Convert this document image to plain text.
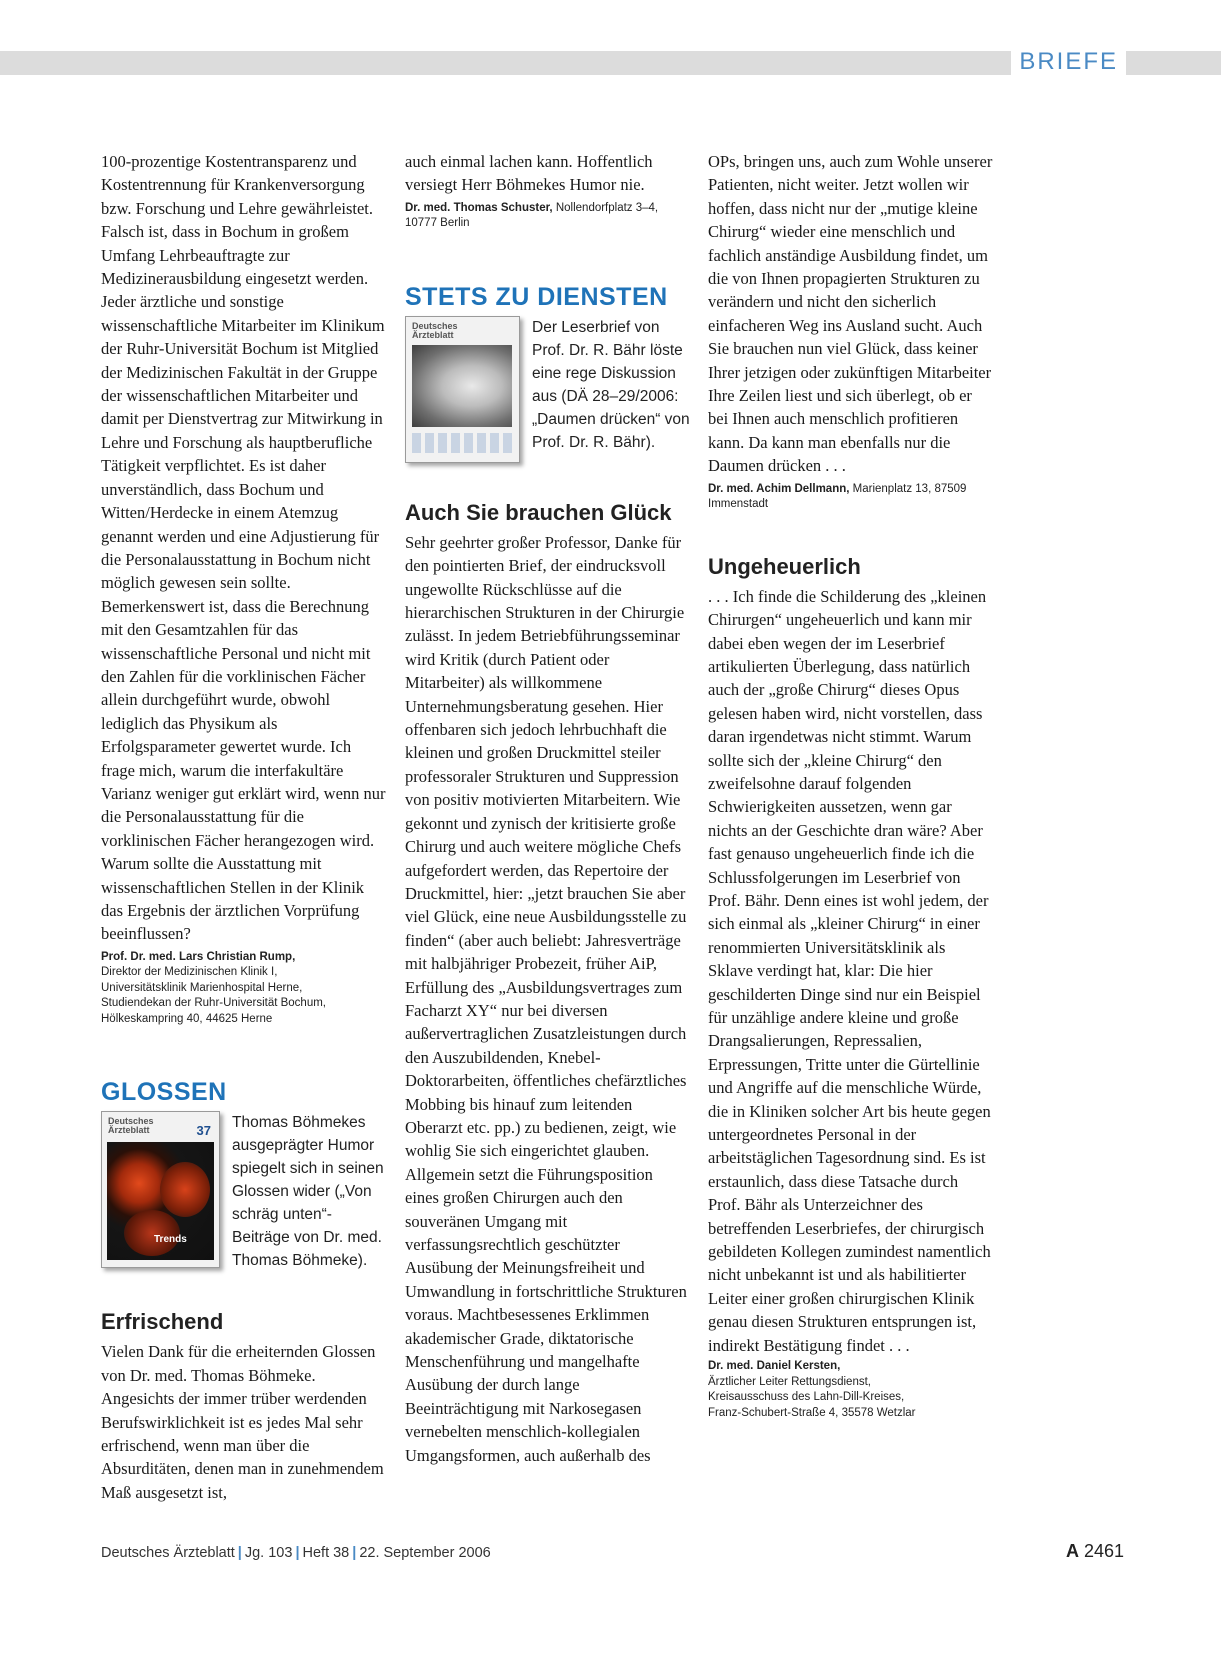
BRIEFE

100-prozentige Kostentransparenz und Kostentrennung für Krankenversorgung bzw. Forschung und Lehre gewährleistet. Falsch ist, dass in Bochum in großem Umfang Lehrbeauftragte zur Medizinerausbildung eingesetzt werden. Jeder ärztliche und sonstige wissenschaftliche Mitarbeiter im Klinikum der Ruhr-Universität Bochum ist Mitglied der Medizinischen Fakultät in der Gruppe der wissenschaftlichen Mitarbeiter und damit per Dienstvertrag zur Mitwirkung in Lehre und Forschung als hauptberufliche Tätigkeit verpflichtet. Es ist daher unverständlich, dass Bochum und Witten/Herdecke in einem Atemzug genannt werden und eine Adjustierung für die Personalausstattung in Bochum nicht möglich gewesen sein sollte. Bemerkenswert ist, dass die Berechnung mit den Gesamtzahlen für das wissenschaftliche Personal und nicht mit den Zahlen für die vorklinischen Fächer allein durchgeführt wurde, obwohl lediglich das Physikum als Erfolgsparameter gewertet wurde. Ich frage mich, warum die interfakultäre Varianz weniger gut erklärt wird, wenn nur die Personalausstattung für die vorklinischen Fächer herangezogen wird. Warum sollte die Ausstattung mit wissenschaftlichen Stellen in der Klinik das Ergebnis der ärztlichen Vorprüfung beeinflussen?

Prof. Dr. med. Lars Christian Rump,
Direktor der Medizinischen Klinik I,
Universitätsklinik Marienhospital Herne,
Studiendekan der Ruhr-Universität Bochum,
Hölkeskampring 40, 44625 Herne
GLOSSEN
Deutsches
Ärzteblatt	37
Trends
Thomas Böhmekes ausgeprägter Humor spiegelt sich in seinen Glossen wider („Von schräg unten“-Beiträge von Dr. med. Thomas Böhmeke).
Erfrischend

Vielen Dank für die erheiternden Glossen von Dr. med. Thomas Böhmeke. Angesichts der immer trüber werdenden Berufswirklichkeit ist es jedes Mal sehr erfrischend, wenn man über die Absurditäten, denen man in zunehmendem Maß ausgesetzt ist,

auch einmal lachen kann. Hoffentlich versiegt Herr Böhmekes Humor nie.

Dr. med. Thomas Schuster, Nollendorfplatz 3–4, 10777 Berlin
STETS ZU DIENSTEN
Deutsches
Ärzteblatt	Der Leserbrief von Prof. Dr. R. Bähr löste eine rege Diskussion aus (DÄ 28–29/2006: „Daumen drücken“ von Prof. Dr. R. Bähr).
Auch Sie brauchen Glück

Sehr geehrter großer Professor, Danke für den pointierten Brief, der eindrucksvoll ungewollte Rückschlüsse auf die hierarchischen Strukturen in der Chirurgie zulässt. In jedem Betriebführungsseminar wird Kritik (durch Patient oder Mitarbeiter) als willkommene Unternehmungsberatung gesehen. Hier offenbaren sich jedoch lehrbuchhaft die kleinen und großen Druckmittel steiler professoraler Strukturen und Suppression von positiv motivierten Mitarbeitern. Wie gekonnt und zynisch der kritisierte große Chirurg und auch weitere mögliche Chefs aufgefordert werden, das Repertoire der Druckmittel, hier: „jetzt brauchen Sie aber viel Glück, eine neue Ausbildungsstelle zu finden“ (aber auch beliebt: Jahresverträge mit halbjähriger Probezeit, früher AiP, Erfüllung des „Ausbildungsvertrages zum Facharzt XY“ nur bei diversen außervertraglichen Zusatzleistungen durch den Auszubildenden, Knebel-Doktorarbeiten, öffentliches chefärztliches Mobbing bis hinauf zum leitenden Oberarzt etc. pp.) zu bedienen, zeigt, wie wohlig Sie sich eingerichtet glauben. Allgemein setzt die Führungsposition eines großen Chirurgen auch den souveränen Umgang mit verfassungsrechtlich geschützter Ausübung der Meinungsfreiheit und Umwandlung in fortschrittliche Strukturen voraus. Machtbesessenes Erklimmen akademischer Grade, diktatorische Menschenführung und mangelhafte Ausübung der durch lange Beeinträchtigung mit Narkosegasen vernebelten menschlich-kollegialen Umgangsformen, auch außerhalb des

OPs, bringen uns, auch zum Wohle unserer Patienten, nicht weiter. Jetzt wollen wir hoffen, dass nicht nur der „mutige kleine Chirurg“ wieder eine menschlich und fachlich anständige Ausbildung findet, um die von Ihnen propagierten Strukturen zu verändern und nicht den sicherlich einfacheren Weg ins Ausland sucht. Auch Sie brauchen nun viel Glück, dass keiner Ihrer jetzigen oder zukünftigen Mitarbeiter Ihre Zeilen liest und sich überlegt, ob er bei Ihnen auch menschlich profitieren kann. Da kann man ebenfalls nur die Daumen drücken . . .

Dr. med. Achim Dellmann, Marienplatz 13, 87509 Immenstadt
Ungeheuerlich

. . . Ich finde die Schilderung des „kleinen Chirurgen“ ungeheuerlich und kann mir dabei eben wegen der im Leserbrief artikulierten Überlegung, dass natürlich auch der „große Chirurg“ dieses Opus gelesen haben wird, nicht vorstellen, dass daran irgendetwas nicht stimmt. Warum sollte sich der „kleine Chirurg“ den zweifelsohne darauf folgenden Schwierigkeiten aussetzen, wenn gar nichts an der Geschichte dran wäre? Aber fast genauso ungeheuerlich finde ich die Schlussfolgerungen im Leserbrief von Prof. Bähr. Denn eines ist wohl jedem, der sich einmal als „kleiner Chirurg“ in einer renommierten Universitätsklinik als Sklave verdingt hat, klar: Die hier geschilderten Dinge sind nur ein Beispiel für unzählige andere kleine und große Drangsalierungen, Repressalien, Erpressungen, Tritte unter die Gürtellinie und Angriffe auf die menschliche Würde, die in Kliniken solcher Art bis heute gegen untergeordnetes Personal in der arbeitstäglichen Tagesordnung sind. Es ist erstaunlich, dass diese Tatsache durch Prof. Bähr als Unterzeichner des betreffenden Leserbriefes, der chirurgisch gebildeten Kollegen zumindest namentlich nicht unbekannt ist und als habilitierter Leiter einer großen chirurgischen Klinik genau diesen Strukturen entsprungen ist, indirekt Bestätigung findet . . .

Dr. med. Daniel Kersten,
Ärztlicher Leiter Rettungsdienst,
Kreisausschuss des Lahn-Dill-Kreises,
Franz-Schubert-Straße 4, 35578 Wetzlar
Deutsches Ärzteblatt | Jg. 103 | Heft 38 | 22. September 2006	A 2461
